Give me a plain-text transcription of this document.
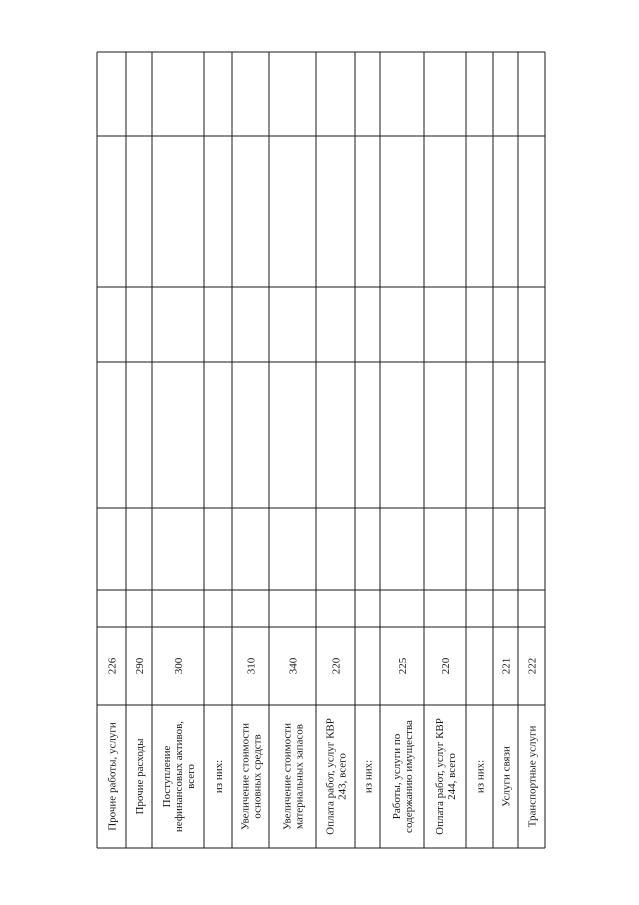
Прочие работы, услуги
226
Прочие расходы
290
Поступление нефинансовых активов, всего
300
из них: Увеличение стоимости основных средств
310
Увеличение стоимости материальных запасов
340
Оплата работ, услуг КВР 243, всего
220
из них: Работы, услуги по содержанию имущества
225
Оплата работ, услуг КВР 244, всего
220
из них: Услуги связи
221
Транспортные услуги
222
